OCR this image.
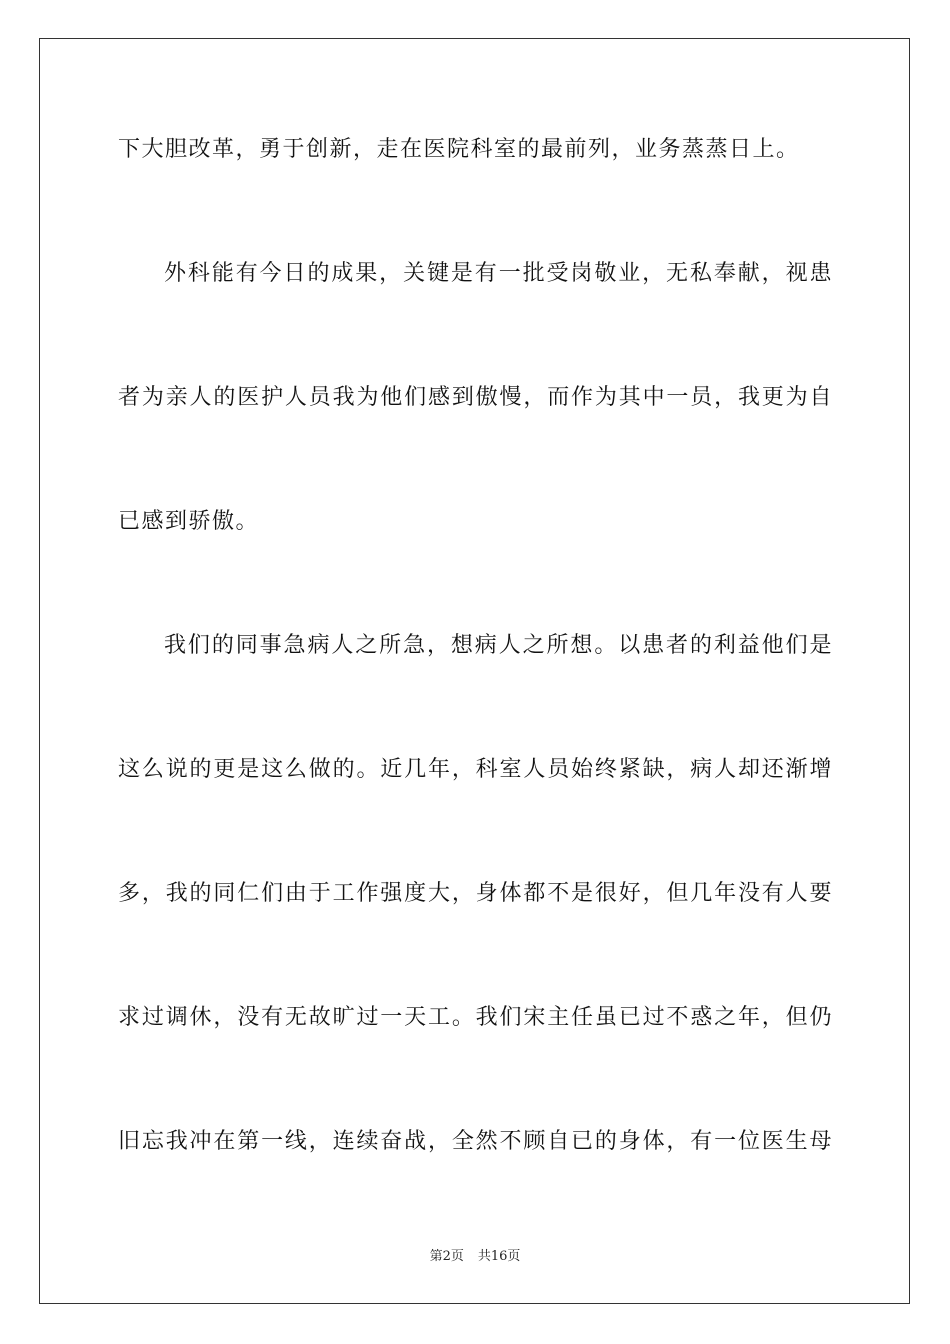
下大胆改革，勇于创新，走在医院科室的最前列，业务蒸蒸日上。
外科能有今日的成果，关键是有一批受岗敬业，无私奉献，视患
者为亲人的医护人员我为他们感到傲慢，而作为其中一员，我更为自
已感到骄傲。
我们的同事急病人之所急，想病人之所想。以患者的利益他们是
这么说的更是这么做的。近几年，科室人员始终紧缺，病人却还渐增
多，我的同仁们由于工作强度大，身体都不是很好，但几年没有人要
求过调休，没有无故旷过一天工。我们宋主任虽已过不惑之年，但仍
旧忘我冲在第一线，连续奋战，全然不顾自已的身体，有一位医生母
第2页 共16页
